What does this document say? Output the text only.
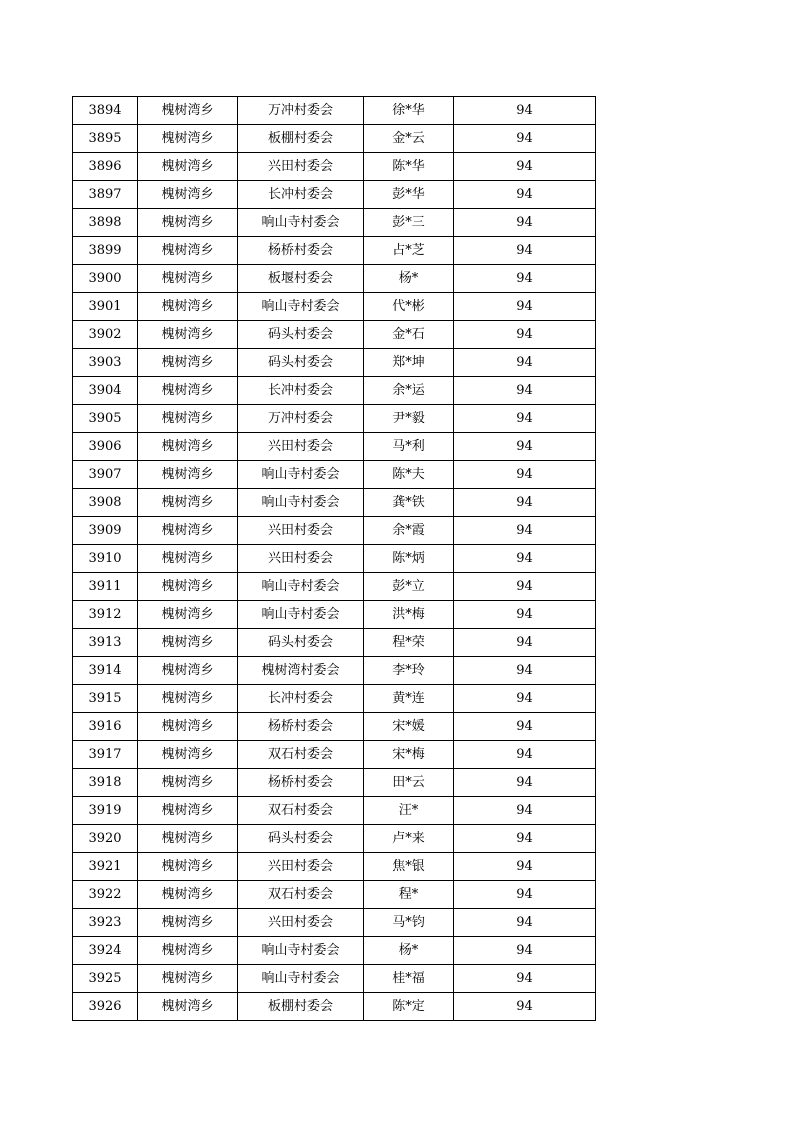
3894	槐树湾乡	万冲村委会	徐*华	94
3895	槐树湾乡	板棚村委会	金*云	94
3896	槐树湾乡	兴田村委会	陈*华	94
3897	槐树湾乡	长冲村委会	彭*华	94
3898	槐树湾乡	响山寺村委会	彭*三	94
3899	槐树湾乡	杨桥村委会	占*芝	94
3900	槐树湾乡	板堰村委会	杨*	94
3901	槐树湾乡	响山寺村委会	代*彬	94
3902	槐树湾乡	码头村委会	金*石	94
3903	槐树湾乡	码头村委会	郑*坤	94
3904	槐树湾乡	长冲村委会	余*运	94
3905	槐树湾乡	万冲村委会	尹*毅	94
3906	槐树湾乡	兴田村委会	马*利	94
3907	槐树湾乡	响山寺村委会	陈*夫	94
3908	槐树湾乡	响山寺村委会	龚*铁	94
3909	槐树湾乡	兴田村委会	余*霞	94
3910	槐树湾乡	兴田村委会	陈*炳	94
3911	槐树湾乡	响山寺村委会	彭*立	94
3912	槐树湾乡	响山寺村委会	洪*梅	94
3913	槐树湾乡	码头村委会	程*荣	94
3914	槐树湾乡	槐树湾村委会	李*玲	94
3915	槐树湾乡	长冲村委会	黄*连	94
3916	槐树湾乡	杨桥村委会	宋*媛	94
3917	槐树湾乡	双石村委会	宋*梅	94
3918	槐树湾乡	杨桥村委会	田*云	94
3919	槐树湾乡	双石村委会	汪*	94
3920	槐树湾乡	码头村委会	卢*来	94
3921	槐树湾乡	兴田村委会	焦*银	94
3922	槐树湾乡	双石村委会	程*	94
3923	槐树湾乡	兴田村委会	马*钧	94
3924	槐树湾乡	响山寺村委会	杨*	94
3925	槐树湾乡	响山寺村委会	桂*福	94
3926	槐树湾乡	板棚村委会	陈*定	94
